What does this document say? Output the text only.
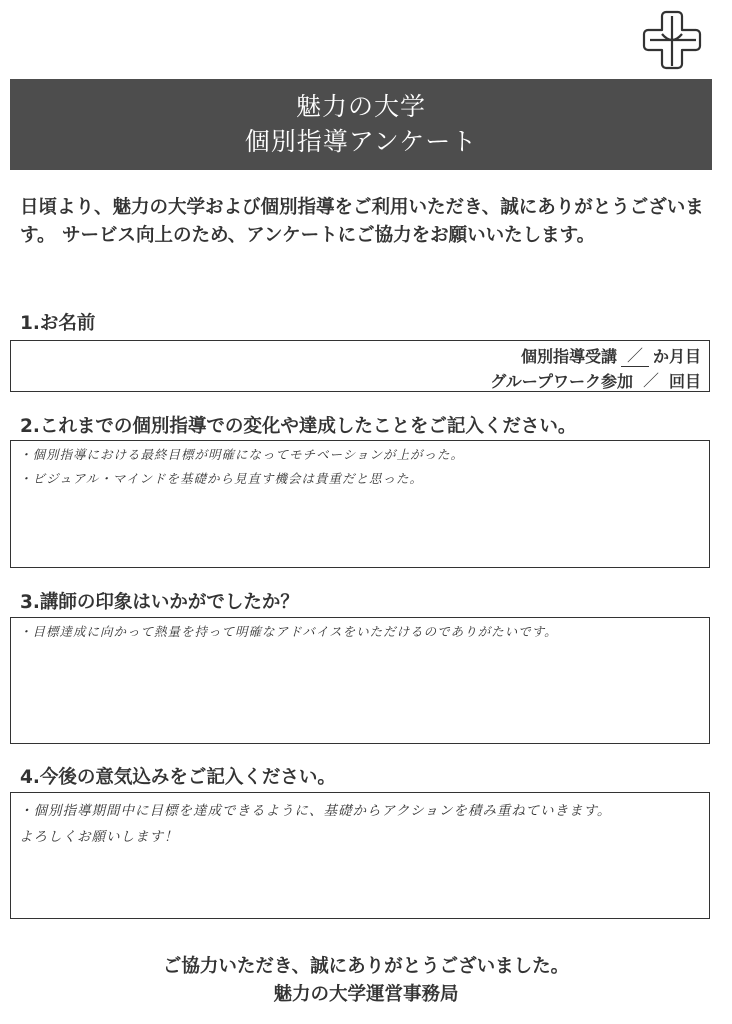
魅力の大学
個別指導アンケート
日頃より、魅力の大学および個別指導をご利用いただき、誠にありがとうございます。 サービス向上のため、アンケートにご協力をお願いいたします。
1.お名前
個別指導受講 ／ か月目
グループワーク参加 ／ 回目
2.これまでの個別指導での変化や達成したことをご記入ください。
・個別指導における最終目標が明確になってモチベーションが上がった。
・ビジュアル・マインドを基礎から見直す機会は貴重だと思った。
3.講師の印象はいかがでしたか？
・目標達成に向かって熱量を持って明確なアドバイスをいただけるのでありがたいです。
4.今後の意気込みをご記入ください。
・個別指導期間中に目標を達成できるように、基礎からアクションを積み重ねていきます。
よろしくお願いします！
ご協力いただき、誠にありがとうございました。
魅力の大学運営事務局
